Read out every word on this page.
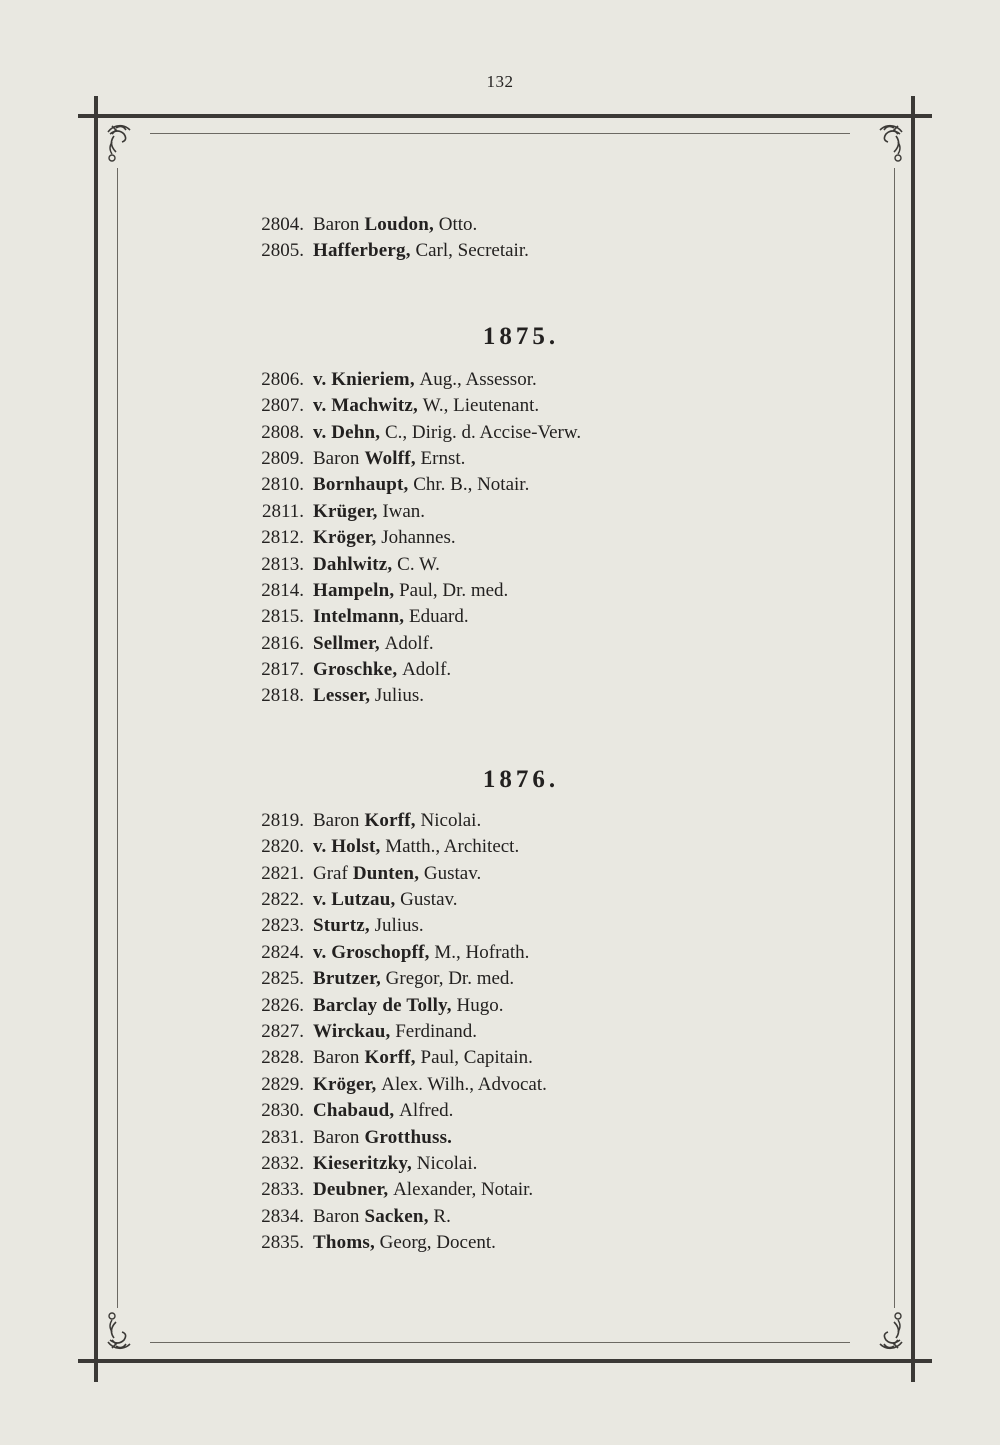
132
2804. Baron Loudon,
Otto.
2805. Hafferberg,
Carl, Secretair.
1875.
2806. v. Knieriem,
Aug., Assessor.
2807. v. Machwitz,
W., Lieutenant.
2808. v. Dehn,
C., Dirig. d. Accise-Verw.
2809. Baron Wolff,
Ernst.
2810. Bornhaupt,
Chr. B., Notair.
2811. Krüger,
Iwan.
2812. Kröger,
Johannes.
2813. Dahlwitz,
C. W.
2814. Hampeln,
Paul, Dr. med.
2815. Intelmann,
Eduard.
2816. Sellmer,
Adolf.
2817. Groschke,
Adolf.
2818. Lesser,
Julius.
1876.
2819. Baron Korff,
Nicolai.
2820. v. Holst,
Matth., Architect.
2821. Graf Dunten,
Gustav.
2822. v. Lutzau,
Gustav.
2823. Sturtz,
Julius.
2824. v. Groschopff,
M., Hofrath.
2825. Brutzer,
Gregor, Dr. med.
2826. Barclay de Tolly,
Hugo.
2827. Wirckau,
Ferdinand.
2828. Baron Korff,
Paul, Capitain.
2829. Kröger,
Alex. Wilh., Advocat.
2830. Chabaud,
Alfred.
2831. Baron Grotthuss.
2832. Kieseritzky,
Nicolai.
2833. Deubner,
Alexander, Notair.
2834. Baron Sacken,
R.
2835. Thoms,
Georg, Docent.
